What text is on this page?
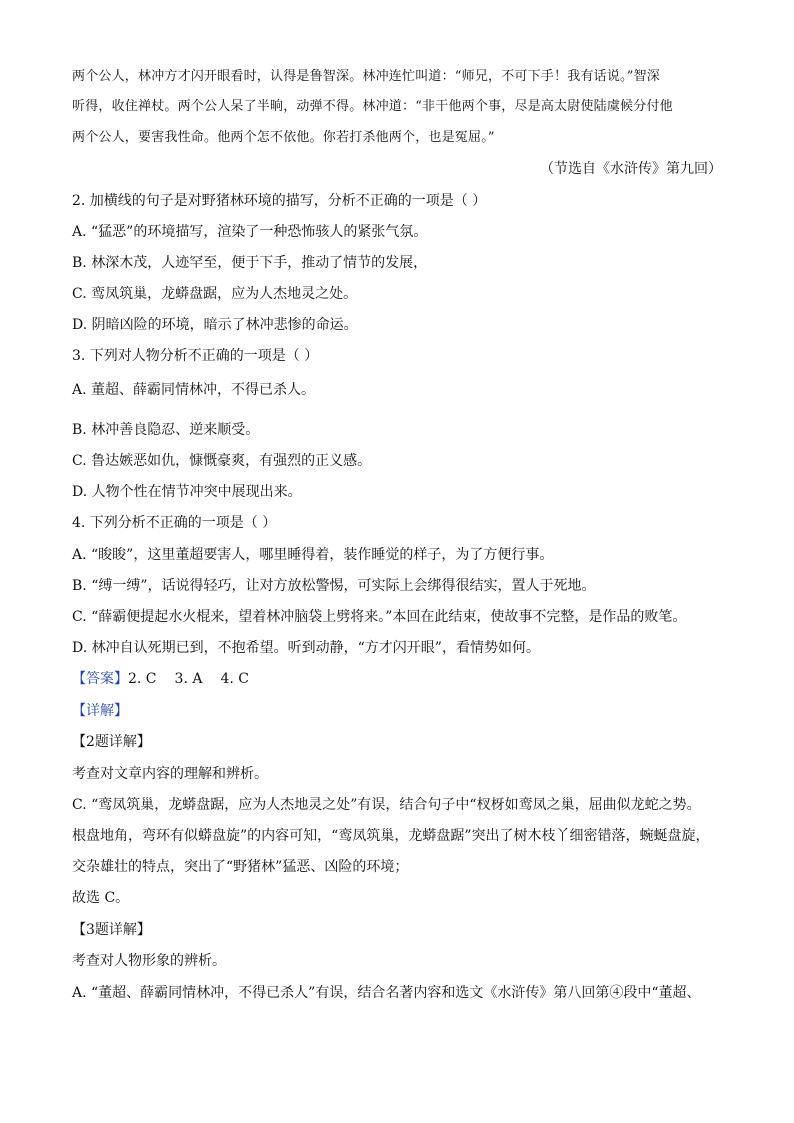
两个公人，林冲方才闪开眼看时，认得是鲁智深。林冲连忙叫道：“师兄，不可下手！我有话说。”智深
听得，收住禅杖。两个公人呆了半晌，动弹不得。林冲道：“非干他两个事，尽是高太尉使陆虞候分付他
两个公人，要害我性命。他两个怎不依他。你若打杀他两个，也是冤屈。”
（节选自《水浒传》第九回）
2. 加横线的句子是对野猪林环境的描写，分析不正确的一项是（ ）
A. “猛恶”的环境描写，渲染了一种恐怖骇人的紧张气氛。
B. 林深木茂，人迹罕至，便于下手，推动了情节的发展，
C. 鸾凤筑巢，龙蟒盘踞，应为人杰地灵之处。
D. 阴暗凶险的环境，暗示了林冲悲惨的命运。
3. 下列对人物分析不正确的一项是（ ）
A. 董超、薛霸同情林冲，不得已杀人。
B. 林冲善良隐忍、逆来顺受。
C. 鲁达嫉恶如仇，慷慨豪爽，有强烈的正义感。
D. 人物个性在情节冲突中展现出来。
4. 下列分析不正确的一项是（ ）
A. “睃睃”，这里董超要害人，哪里睡得着，装作睡觉的样子，为了方便行事。
B. “缚一缚”，话说得轻巧，让对方放松警惕，可实际上会绑得很结实，置人于死地。
C. “薛霸便提起水火棍来，望着林冲脑袋上劈将来。”本回在此结束，使故事不完整，是作品的败笔。
D. 林冲自认死期已到，不抱希望。听到动静，“方才闪开眼”，看情势如何。
【答案】2. C 3. A 4. C
【详解】
【2题详解】
考查对文章内容的理解和辨析。
C. “鸾凤筑巢，龙蟒盘踞，应为人杰地灵之处”有误，结合句子中“杈枒如鸾凤之巢，屈曲似龙蛇之势。
根盘地角，弯环有似蟒盘旋”的内容可知，“鸾凤筑巢，龙蟒盘踞”突出了树木枝丫细密错落，蜿蜒盘旋，
交杂雄壮的特点，突出了“野猪林”猛恶、凶险的环境；
故选 C。
【3题详解】
考查对人物形象的辨析。
A. “董超、薛霸同情林冲，不得已杀人”有误，结合名著内容和选文《水浒传》第八回第④段中“董超、
